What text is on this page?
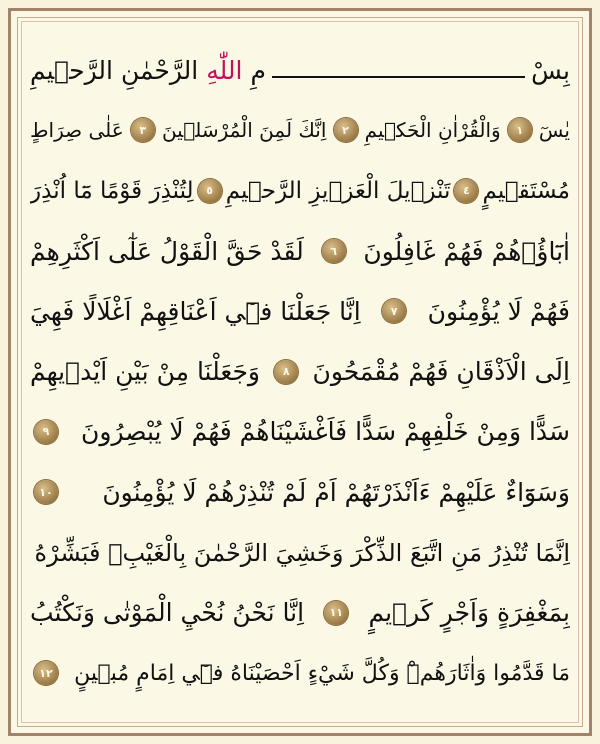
بِسْ
مِ
اللّٰهِ
الرَّحْمٰنِ الرَّح۪يمِ
يٰسٓ
١
وَالْقُرْاٰنِ الْحَك۪يمِ
٢
اِنَّكَ لَمِنَ الْمُرْسَل۪ينَ
٣
عَلٰى صِرَاطٍ
مُسْتَق۪يمٍ
٤
تَنْز۪يلَ الْعَز۪يزِ الرَّح۪يمِ
٥
لِتُنْذِرَ قَوْمًا مَٓا اُنْذِرَ
اٰبَٓاؤُ۫هُمْ فَهُمْ غَافِلُونَ
٦
لَقَدْ حَقَّ الْقَوْلُ عَلٰٓى اَكْثَرِهِمْ
فَهُمْ لَا يُؤْمِنُونَ
٧
اِنَّا جَعَلْنَا ف۪ٓي اَعْنَاقِهِمْ اَغْلَالًا فَهِيَ
اِلَى الْاَذْقَانِ فَهُمْ مُقْمَحُونَ
٨
وَجَعَلْنَا مِنْ بَيْنِ اَيْد۪يهِمْ
سَدًّا وَمِنْ خَلْفِهِمْ سَدًّا فَاَغْشَيْنَاهُمْ فَهُمْ لَا يُبْصِرُونَ
٩
وَسَوَٓاءٌ عَلَيْهِمْ ءَاَنْذَرْتَهُمْ اَمْ لَمْ تُنْذِرْهُمْ لَا يُؤْمِنُونَ
١٠
اِنَّمَا تُنْذِرُ مَنِ اتَّبَعَ الذِّكْرَ وَخَشِيَ الرَّحْمٰنَ بِالْغَيْبِۚ فَبَشِّرْهُ
بِمَغْفِرَةٍ وَاَجْرٍ كَر۪يمٍ
١١
اِنَّا نَحْنُ نُحْيِ الْمَوْتٰى وَنَكْتُبُ
مَا قَدَّمُوا وَاٰثَارَهُمْۜ وَكُلَّ شَيْءٍ اَحْصَيْنَاهُ ف۪ٓي اِمَامٍ مُب۪ينٍ
١٢
